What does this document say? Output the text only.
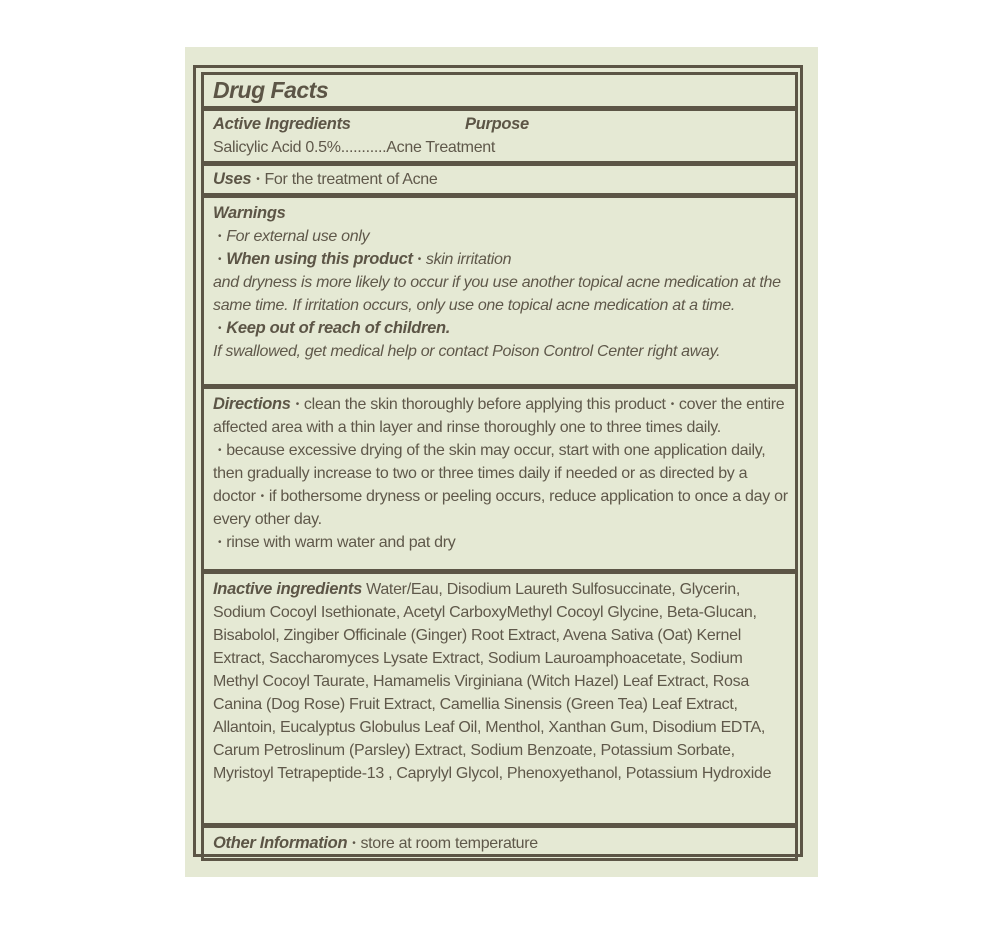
Drug Facts
Active Ingredients	Purpose
Salicylic Acid 0.5%...........Acne Treatment
Uses • For the treatment of Acne
Warnings
• For external use only
• When using this product • skin irritation
and dryness is more likely to occur if you use another topical acne medication at the same time. If irritation occurs, only use one topical acne medication at a time.
• Keep out of reach of children.
If swallowed, get medical help or contact Poison Control Center right away.
Directions • clean the skin thoroughly before applying this product • cover the entire affected area with a thin layer and rinse thoroughly one to three times daily.
• because excessive drying of the skin may occur, start with one application daily, then gradually increase to two or three times daily if needed or as directed by a doctor • if bothersome dryness or peeling occurs, reduce application to once a day or every other day.
• rinse with warm water and pat dry
Inactive ingredients Water/Eau, Disodium Laureth Sulfosuccinate, Glycerin, Sodium Cocoyl Isethionate, Acetyl CarboxyMethyl Cocoyl Glycine, Beta-Glucan, Bisabolol, Zingiber Officinale (Ginger) Root Extract, Avena Sativa (Oat) Kernel Extract, Saccharomyces Lysate Extract, Sodium Lauroamphoacetate, Sodium Methyl Cocoyl Taurate, Hamamelis Virginiana (Witch Hazel) Leaf Extract, Rosa Canina (Dog Rose) Fruit Extract, Camellia Sinensis (Green Tea) Leaf Extract, Allantoin, Eucalyptus Globulus Leaf Oil, Menthol, Xanthan Gum, Disodium EDTA, Carum Petroslinum (Parsley) Extract, Sodium Benzoate, Potassium Sorbate, Myristoyl Tetrapeptide-13 , Caprylyl Glycol, Phenoxyethanol, Potassium Hydroxide
Other Information • store at room temperature
